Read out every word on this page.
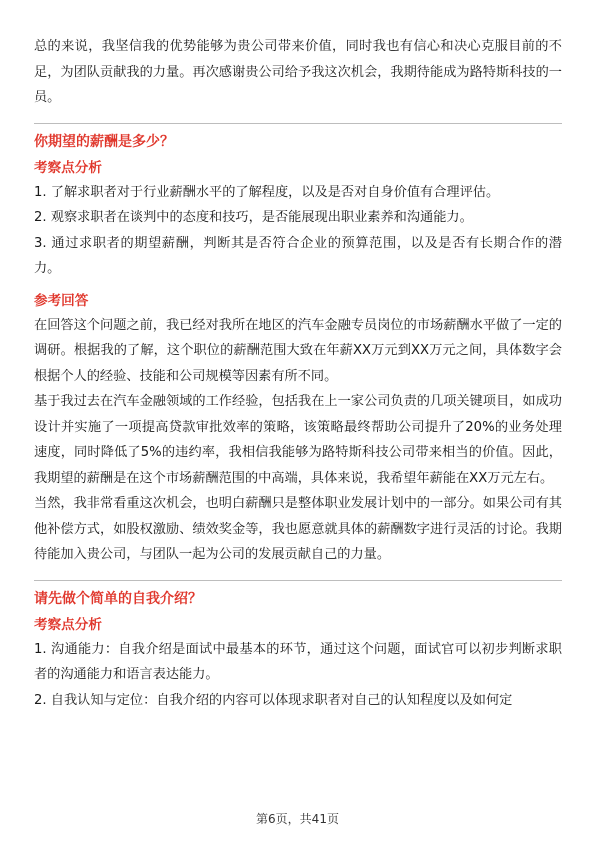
总的来说，我坚信我的优势能够为贵公司带来价值，同时我也有信心和决心克服目前的不足，为团队贡献我的力量。再次感谢贵公司给予我这次机会，我期待能成为路特斯科技的一员。

你期望的薪酬是多少？
考察点分析

1. 了解求职者对于行业薪酬水平的了解程度，以及是否对自身价值有合理评估。

2. 观察求职者在谈判中的态度和技巧，是否能展现出职业素养和沟通能力。

3. 通过求职者的期望薪酬，判断其是否符合企业的预算范围，以及是否有长期合作的潜力。

参考回答

在回答这个问题之前，我已经对我所在地区的汽车金融专员岗位的市场薪酬水平做了一定的调研。根据我的了解，这个职位的薪酬范围大致在年薪XX万元到XX万元之间，具体数字会根据个人的经验、技能和公司规模等因素有所不同。

基于我过去在汽车金融领域的工作经验，包括我在上一家公司负责的几项关键项目，如成功设计并实施了一项提高贷款审批效率的策略，该策略最终帮助公司提升了20%的业务处理速度，同时降低了5%的违约率，我相信我能够为路特斯科技公司带来相当的价值。因此，我期望的薪酬是在这个市场薪酬范围的中高端，具体来说，我希望年薪能在XX万元左右。

当然，我非常看重这次机会，也明白薪酬只是整体职业发展计划中的一部分。如果公司有其他补偿方式，如股权激励、绩效奖金等，我也愿意就具体的薪酬数字进行灵活的讨论。我期待能加入贵公司，与团队一起为公司的发展贡献自己的力量。

请先做个简单的自我介绍？
考察点分析

1. 沟通能力：自我介绍是面试中最基本的环节，通过这个问题，面试官可以初步判断求职者的沟通能力和语言表达能力。

2. 自我认知与定位：自我介绍的内容可以体现求职者对自己的认知程度以及如何定

第6页，共41页
